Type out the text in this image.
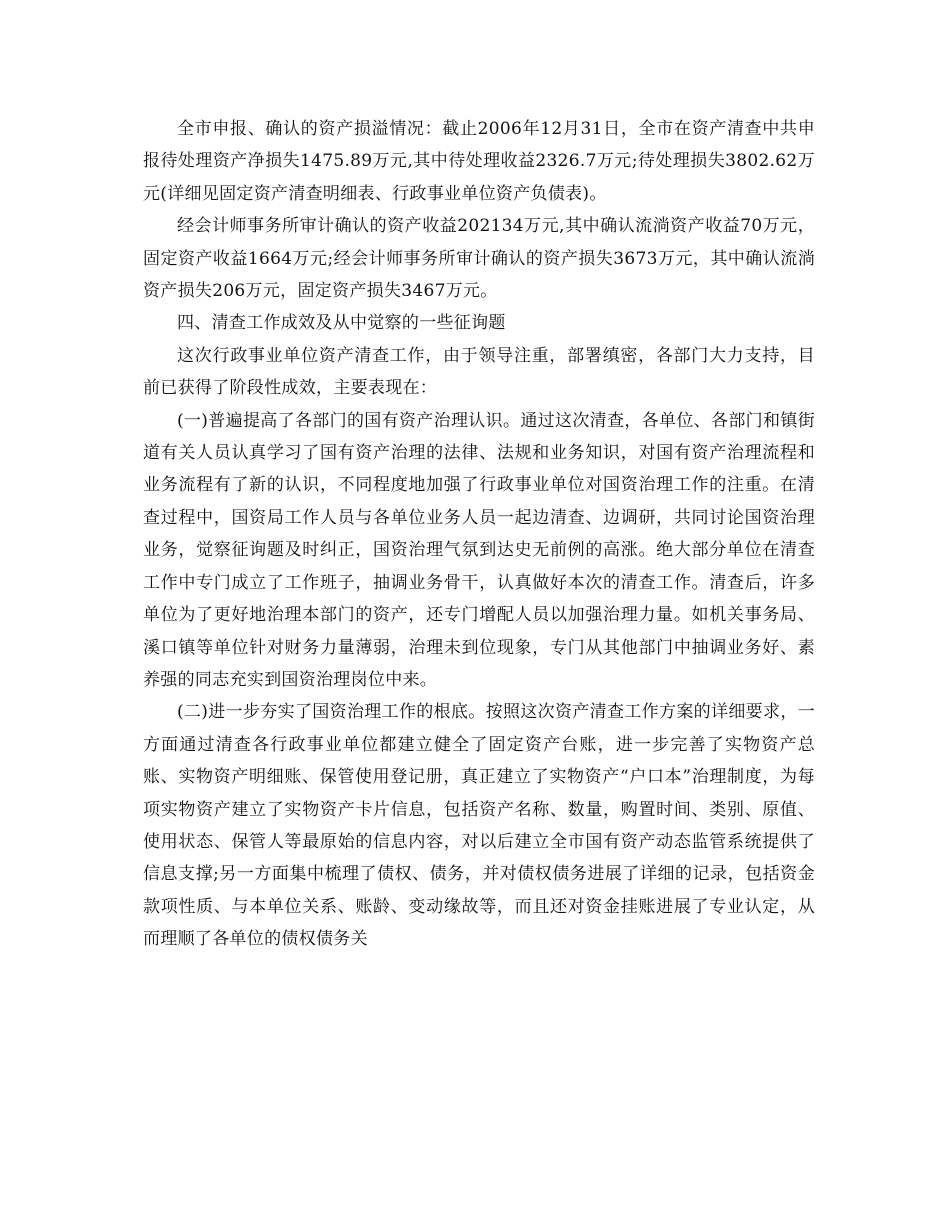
全市申报、确认的资产损溢情况：截止2006年12月31日，全市在资产清查中共申报待处理资产净损失1475.89万元,其中待处理收益2326.7万元;待处理损失3802.62万元(详细见固定资产清查明细表、行政事业单位资产负债表)。

经会计师事务所审计确认的资产收益202134万元,其中确认流淌资产收益70万元，固定资产收益1664万元;经会计师事务所审计确认的资产损失3673万元，其中确认流淌资产损失206万元，固定资产损失3467万元。

四、清查工作成效及从中觉察的一些征询题

这次行政事业单位资产清查工作，由于领导注重，部署缜密，各部门大力支持，目前已获得了阶段性成效，主要表现在：

(一)普遍提高了各部门的国有资产治理认识。通过这次清查，各单位、各部门和镇街道有关人员认真学习了国有资产治理的法律、法规和业务知识，对国有资产治理流程和业务流程有了新的认识，不同程度地加强了行政事业单位对国资治理工作的注重。在清查过程中，国资局工作人员与各单位业务人员一起边清查、边调研，共同讨论国资治理业务，觉察征询题及时纠正，国资治理气氛到达史无前例的高涨。绝大部分单位在清查工作中专门成立了工作班子，抽调业务骨干，认真做好本次的清查工作。清查后，许多单位为了更好地治理本部门的资产，还专门增配人员以加强治理力量。如机关事务局、溪口镇等单位针对财务力量薄弱，治理未到位现象，专门从其他部门中抽调业务好、素养强的同志充实到国资治理岗位中来。

(二)进一步夯实了国资治理工作的根底。按照这次资产清查工作方案的详细要求，一方面通过清查各行政事业单位都建立健全了固定资产台账，进一步完善了实物资产总账、实物资产明细账、保管使用登记册，真正建立了实物资产“户口本”治理制度，为每项实物资产建立了实物资产卡片信息，包括资产名称、数量，购置时间、类别、原值、使用状态、保管人等最原始的信息内容，对以后建立全市国有资产动态监管系统提供了信息支撑;另一方面集中梳理了债权、债务，并对债权债务进展了详细的记录，包括资金款项性质、与本单位关系、账龄、变动缘故等，而且还对资金挂账进展了专业认定，从而理顺了各单位的债权债务关
